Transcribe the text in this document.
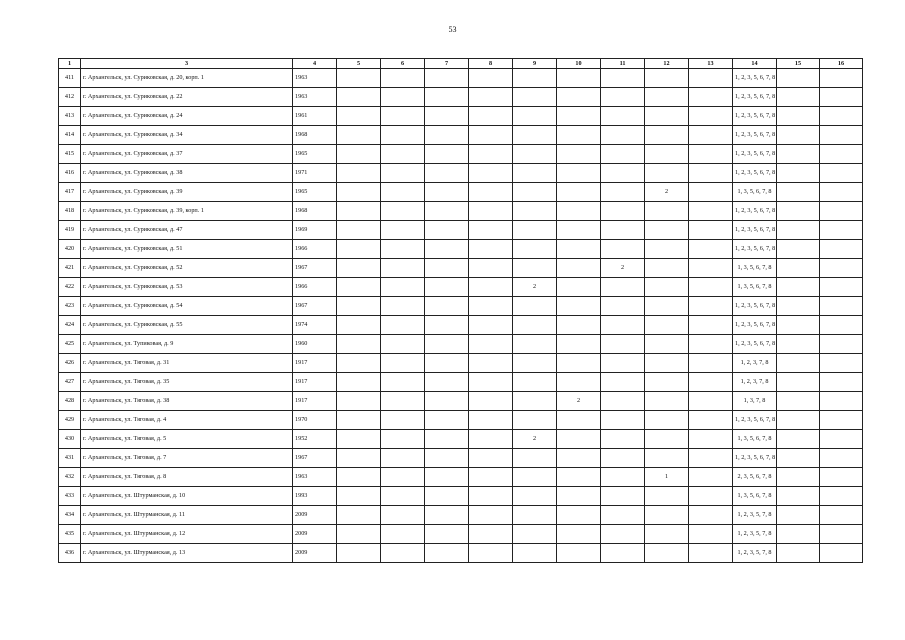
53
1	3	4	5	6	7	8	9	10	11	12	13	14	15	16
411	г. Архангельск, ул. Суриковская, д. 20, корп. 1	1963										1, 2, 3, 5, 6, 7, 8		
412	г. Архангельск, ул. Суриковская, д. 22	1963										1, 2, 3, 5, 6, 7, 8		
413	г. Архангельск, ул. Суриковская, д. 24	1961										1, 2, 3, 5, 6, 7, 8		
414	г. Архангельск, ул. Суриковская, д. 34	1968										1, 2, 3, 5, 6, 7, 8		
415	г. Архангельск, ул. Суриковская, д. 37	1965										1, 2, 3, 5, 6, 7, 8		
416	г. Архангельск, ул. Суриковская, д. 38	1971										1, 2, 3, 5, 6, 7, 8		
417	г. Архангельск, ул. Суриковская, д. 39	1965								2		1, 3, 5, 6, 7, 8		
418	г. Архангельск, ул. Суриковская, д. 39, корп. 1	1968										1, 2, 3, 5, 6, 7, 8		
419	г. Архангельск, ул. Суриковская, д. 47	1969										1, 2, 3, 5, 6, 7, 8		
420	г. Архангельск, ул. Суриковская, д. 51	1966										1, 2, 3, 5, 6, 7, 8		
421	г. Архангельск, ул. Суриковская, д. 52	1967							2			1, 3, 5, 6, 7, 8		
422	г. Архангельск, ул. Суриковская, д. 53	1966					2					1, 3, 5, 6, 7, 8		
423	г. Архангельск, ул. Суриковская, д. 54	1967										1, 2, 3, 5, 6, 7, 8		
424	г. Архангельск, ул. Суриковская, д. 55	1974										1, 2, 3, 5, 6, 7, 8		
425	г. Архангельск, ул. Тупиковая, д. 9	1960										1, 2, 3, 5, 6, 7, 8		
426	г. Архангельск, ул. Тяговая, д. 31	1917										1, 2, 3, 7, 8		
427	г. Архангельск, ул. Тяговая, д. 35	1917										1, 2, 3, 7, 8		
428	г. Архангельск, ул. Тяговая, д. 38	1917						2				1, 3, 7, 8		
429	г. Архангельск, ул. Тяговая, д. 4	1970										1, 2, 3, 5, 6, 7, 8		
430	г. Архангельск, ул. Тяговая, д. 5	1952					2					1, 3, 5, 6, 7, 8		
431	г. Архангельск, ул. Тяговая, д. 7	1967										1, 2, 3, 5, 6, 7, 8		
432	г. Архангельск, ул. Тяговая, д. 8	1963								1		2, 3, 5, 6, 7, 8		
433	г. Архангельск, ул. Штурманская, д. 10	1993										1, 3, 5, 6, 7, 8		
434	г. Архангельск, ул. Штурманская, д. 11	2009										1, 2, 3, 5, 7, 8		
435	г. Архангельск, ул. Штурманская, д. 12	2009										1, 2, 3, 5, 7, 8		
436	г. Архангельск, ул. Штурманская, д. 13	2009										1, 2, 3, 5, 7, 8		
